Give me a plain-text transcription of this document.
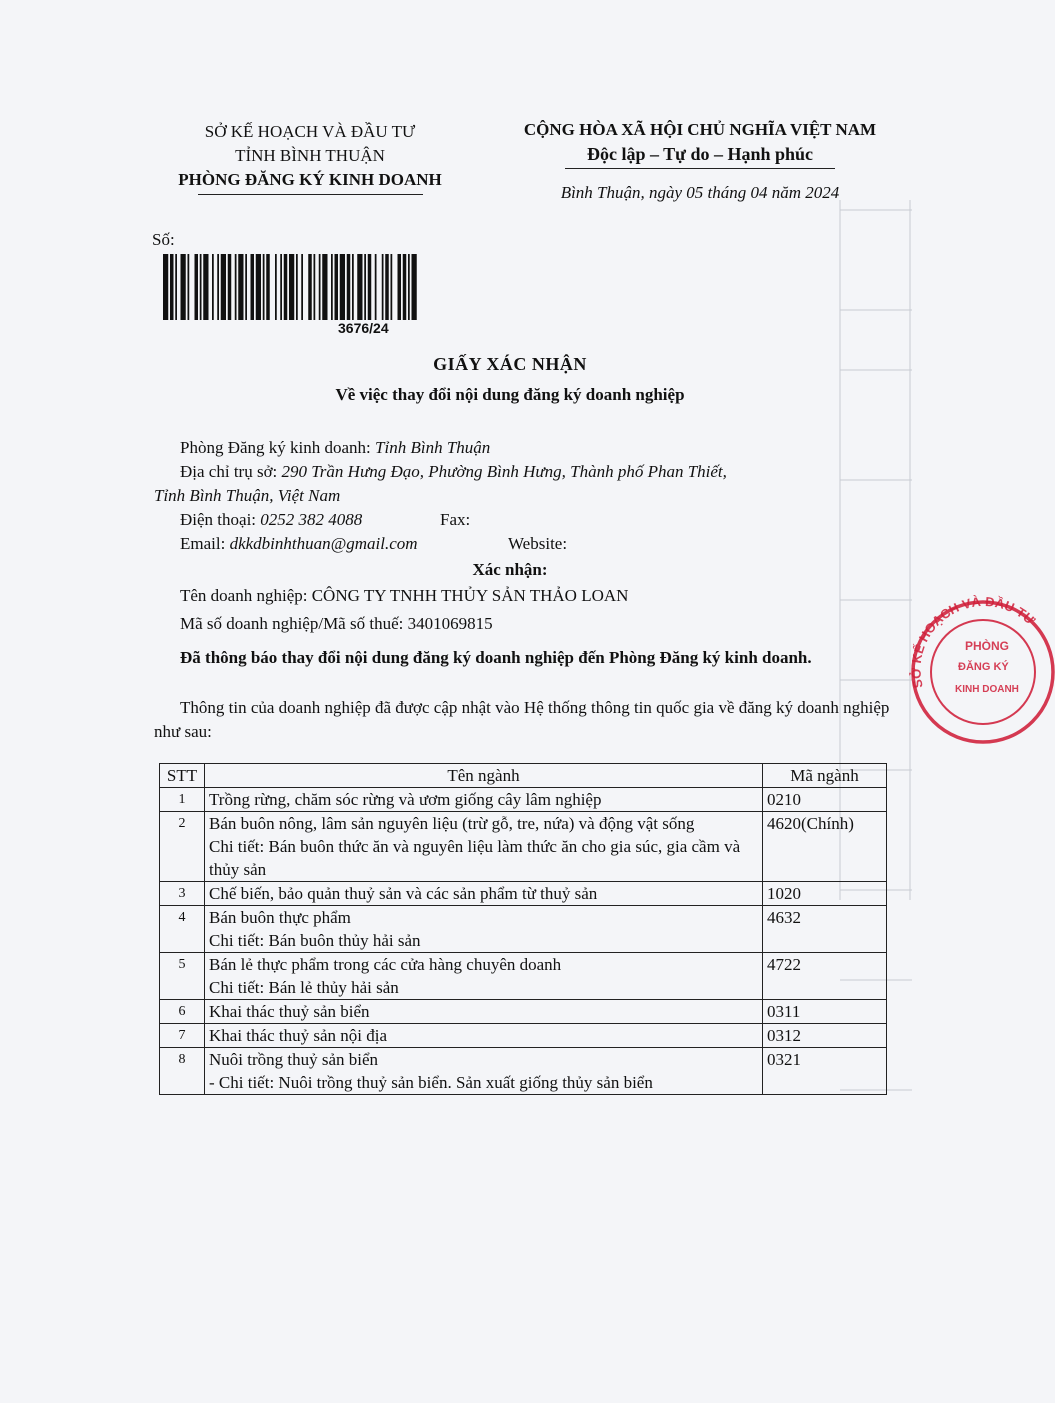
SỞ KẾ HOẠCH VÀ ĐẦU TƯ
TỈNH BÌNH THUẬN
PHÒNG ĐĂNG KÝ KINH DOANH
CỘNG HÒA XÃ HỘI CHỦ NGHĨA VIỆT NAM
Độc lập – Tự do – Hạnh phúc
Bình Thuận, ngày 05 tháng 04 năm 2024
Số:
3676/24
GIẤY XÁC NHẬN
Về việc thay đổi nội dung đăng ký doanh nghiệp
Phòng Đăng ký kinh doanh: Tỉnh Bình Thuận
Địa chỉ trụ sở: 290 Trần Hưng Đạo, Phường Bình Hưng, Thành phố Phan Thiết,
Tỉnh Bình Thuận, Việt Nam
Điện thoại: 0252 382 4088	Fax:
Email: dkkdbinhthuan@gmail.com	Website:
Xác nhận:
Tên doanh nghiệp: CÔNG TY TNHH THỦY SẢN THẢO LOAN
Mã số doanh nghiệp/Mã số thuế: 3401069815
Đã thông báo thay đổi nội dung đăng ký doanh nghiệp đến Phòng Đăng ký kinh doanh.
Thông tin của doanh nghiệp đã được cập nhật vào Hệ thống thông tin quốc gia về đăng ký doanh nghiệp như sau:
STT	Tên ngành	Mã ngành
1	Trồng rừng, chăm sóc rừng và ươm giống cây lâm nghiệp	0210
2	Bán buôn nông, lâm sản nguyên liệu (trừ gỗ, tre, nứa) và động vật sống
Chi tiết: Bán buôn thức ăn và nguyên liệu làm thức ăn cho gia súc, gia cầm và thủy sản	4620(Chính)
3	Chế biến, bảo quản thuỷ sản và các sản phẩm từ thuỷ sản	1020
4	Bán buôn thực phẩm
Chi tiết: Bán buôn thủy hải sản	4632
5	Bán lẻ thực phẩm trong các cửa hàng chuyên doanh
Chi tiết: Bán lẻ thủy hải sản	4722
6	Khai thác thuỷ sản biển	0311
7	Khai thác thuỷ sản nội địa	0312
8	Nuôi trồng thuỷ sản biển
- Chi tiết: Nuôi trồng thuỷ sản biển. Sản xuất giống thủy sản biển	0321
PHÒNG
ĐĂNG KÝ
KINH DOANH
SỞ KẾ HOẠCH VÀ ĐẦU TƯ
